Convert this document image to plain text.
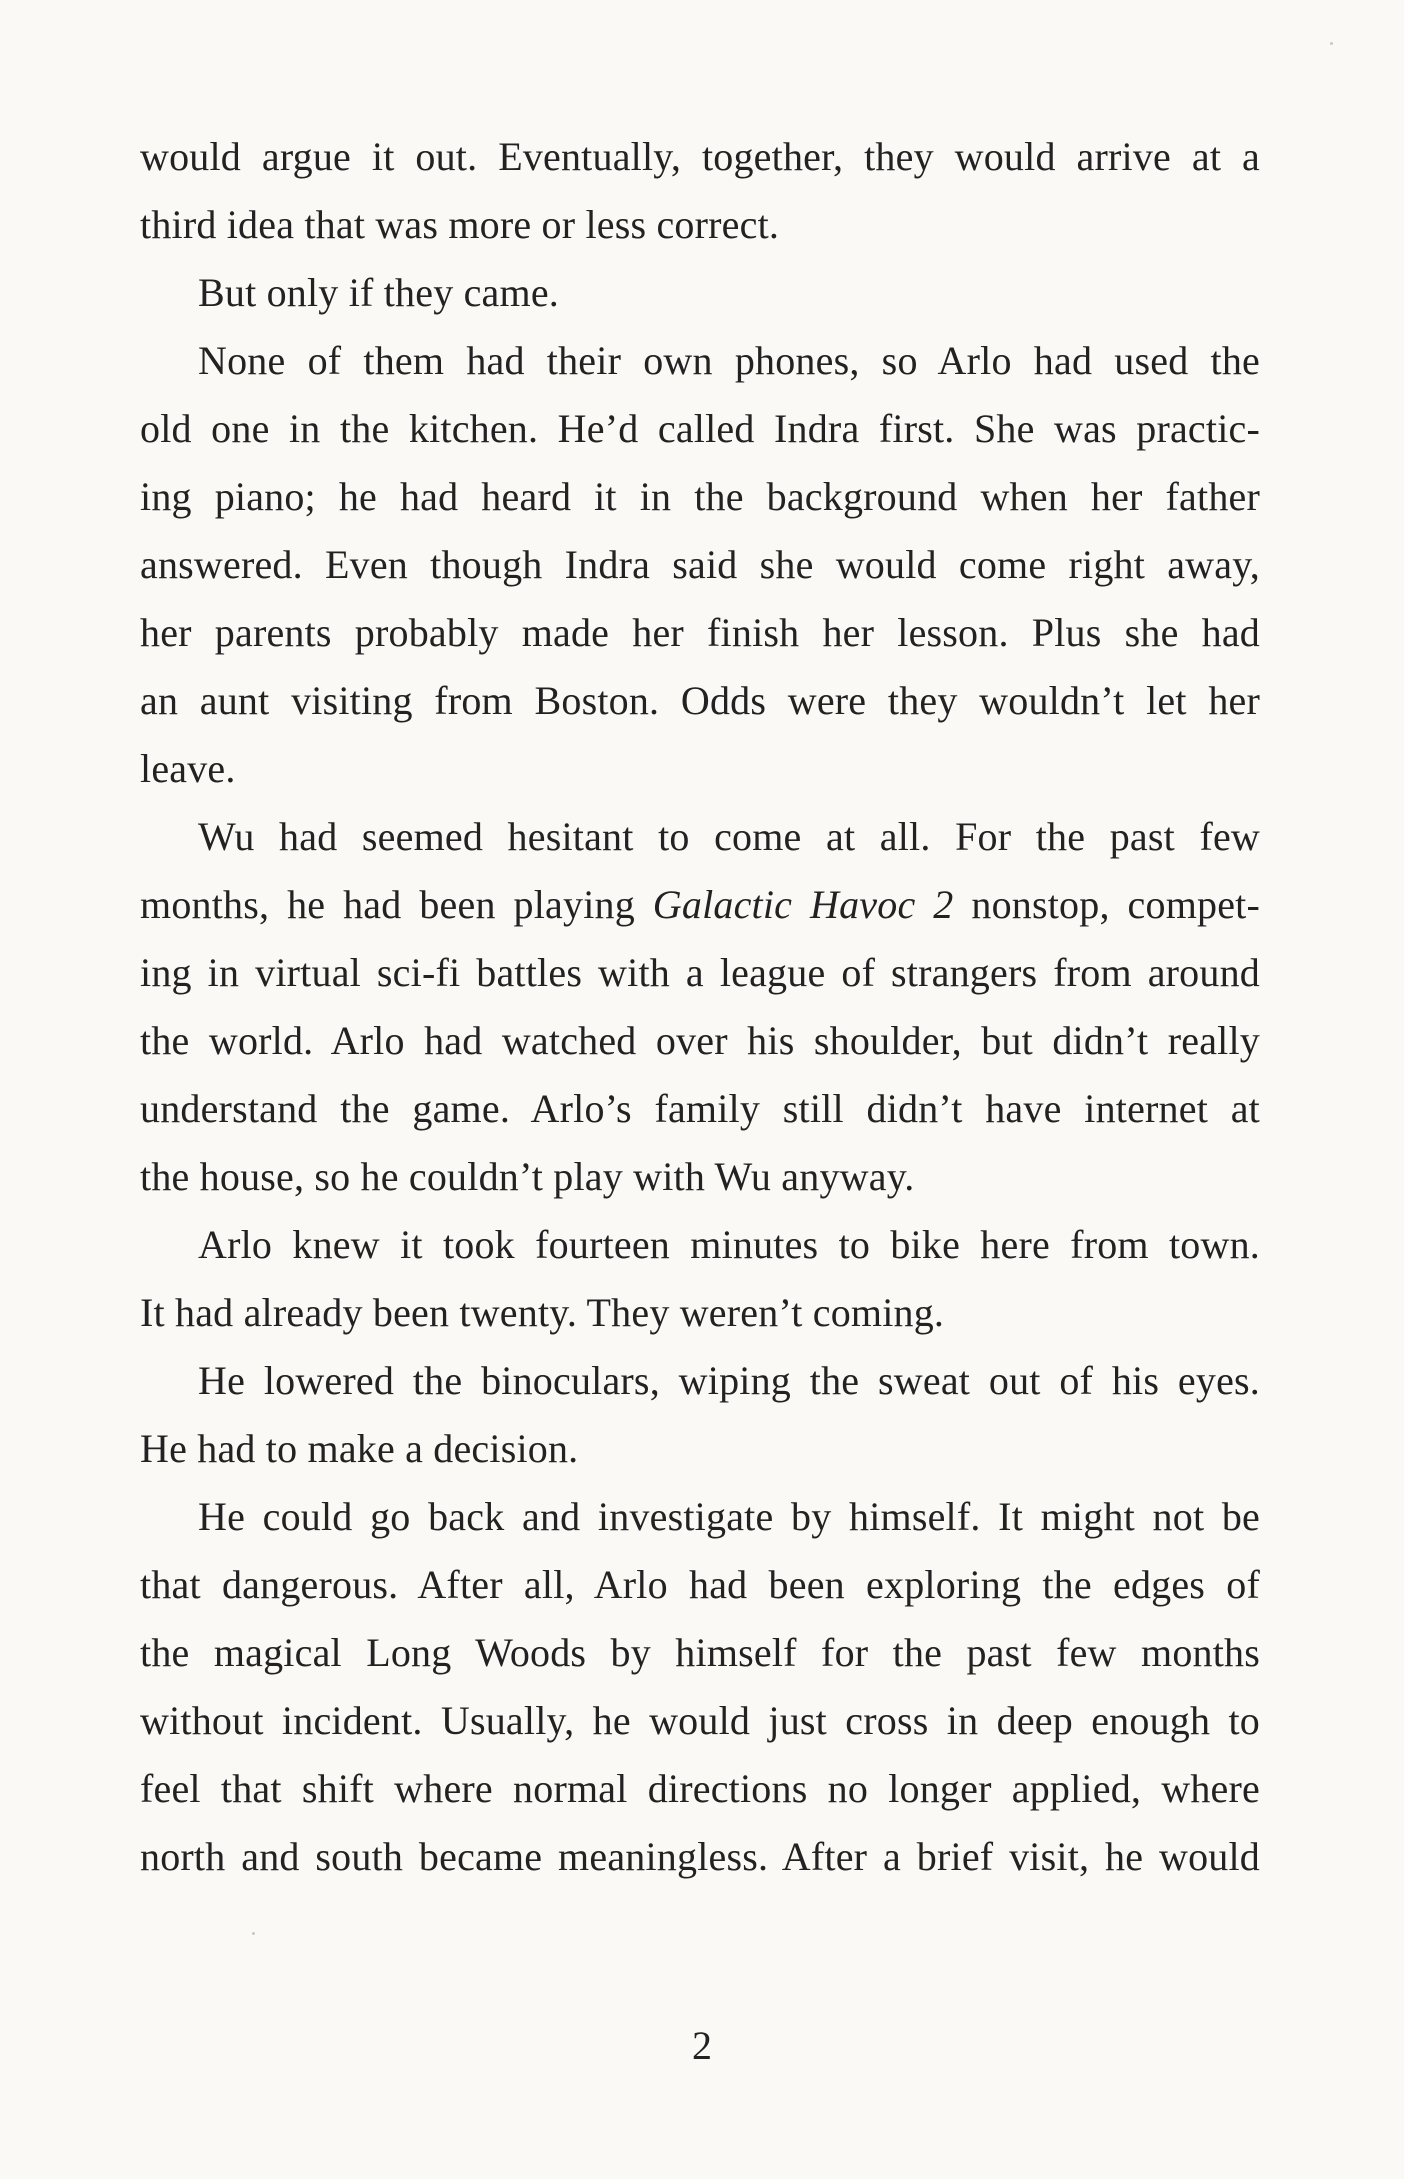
would argue it out. Eventually, together, they would arrive at a
third idea that was more or less correct.
But only if they came.
None of them had their own phones, so Arlo had used the
old one in the kitchen. He’d called Indra first. She was practic-
ing piano; he had heard it in the background when her father
answered. Even though Indra said she would come right away,
her parents probably made her finish her lesson. Plus she had
an aunt visiting from Boston. Odds were they wouldn’t let her
leave.
Wu had seemed hesitant to come at all. For the past few
months, he had been playing Galactic Havoc 2 nonstop, compet-
ing in virtual sci-fi battles with a league of strangers from around
the world. Arlo had watched over his shoulder, but didn’t really
understand the game. Arlo’s family still didn’t have internet at
the house, so he couldn’t play with Wu anyway.
Arlo knew it took fourteen minutes to bike here from town.
It had already been twenty. They weren’t coming.
He lowered the binoculars, wiping the sweat out of his eyes.
He had to make a decision.
He could go back and investigate by himself. It might not be
that dangerous. After all, Arlo had been exploring the edges of
the magical Long Woods by himself for the past few months
without incident. Usually, he would just cross in deep enough to
feel that shift where normal directions no longer applied, where
north and south became meaningless. After a brief visit, he would
2
